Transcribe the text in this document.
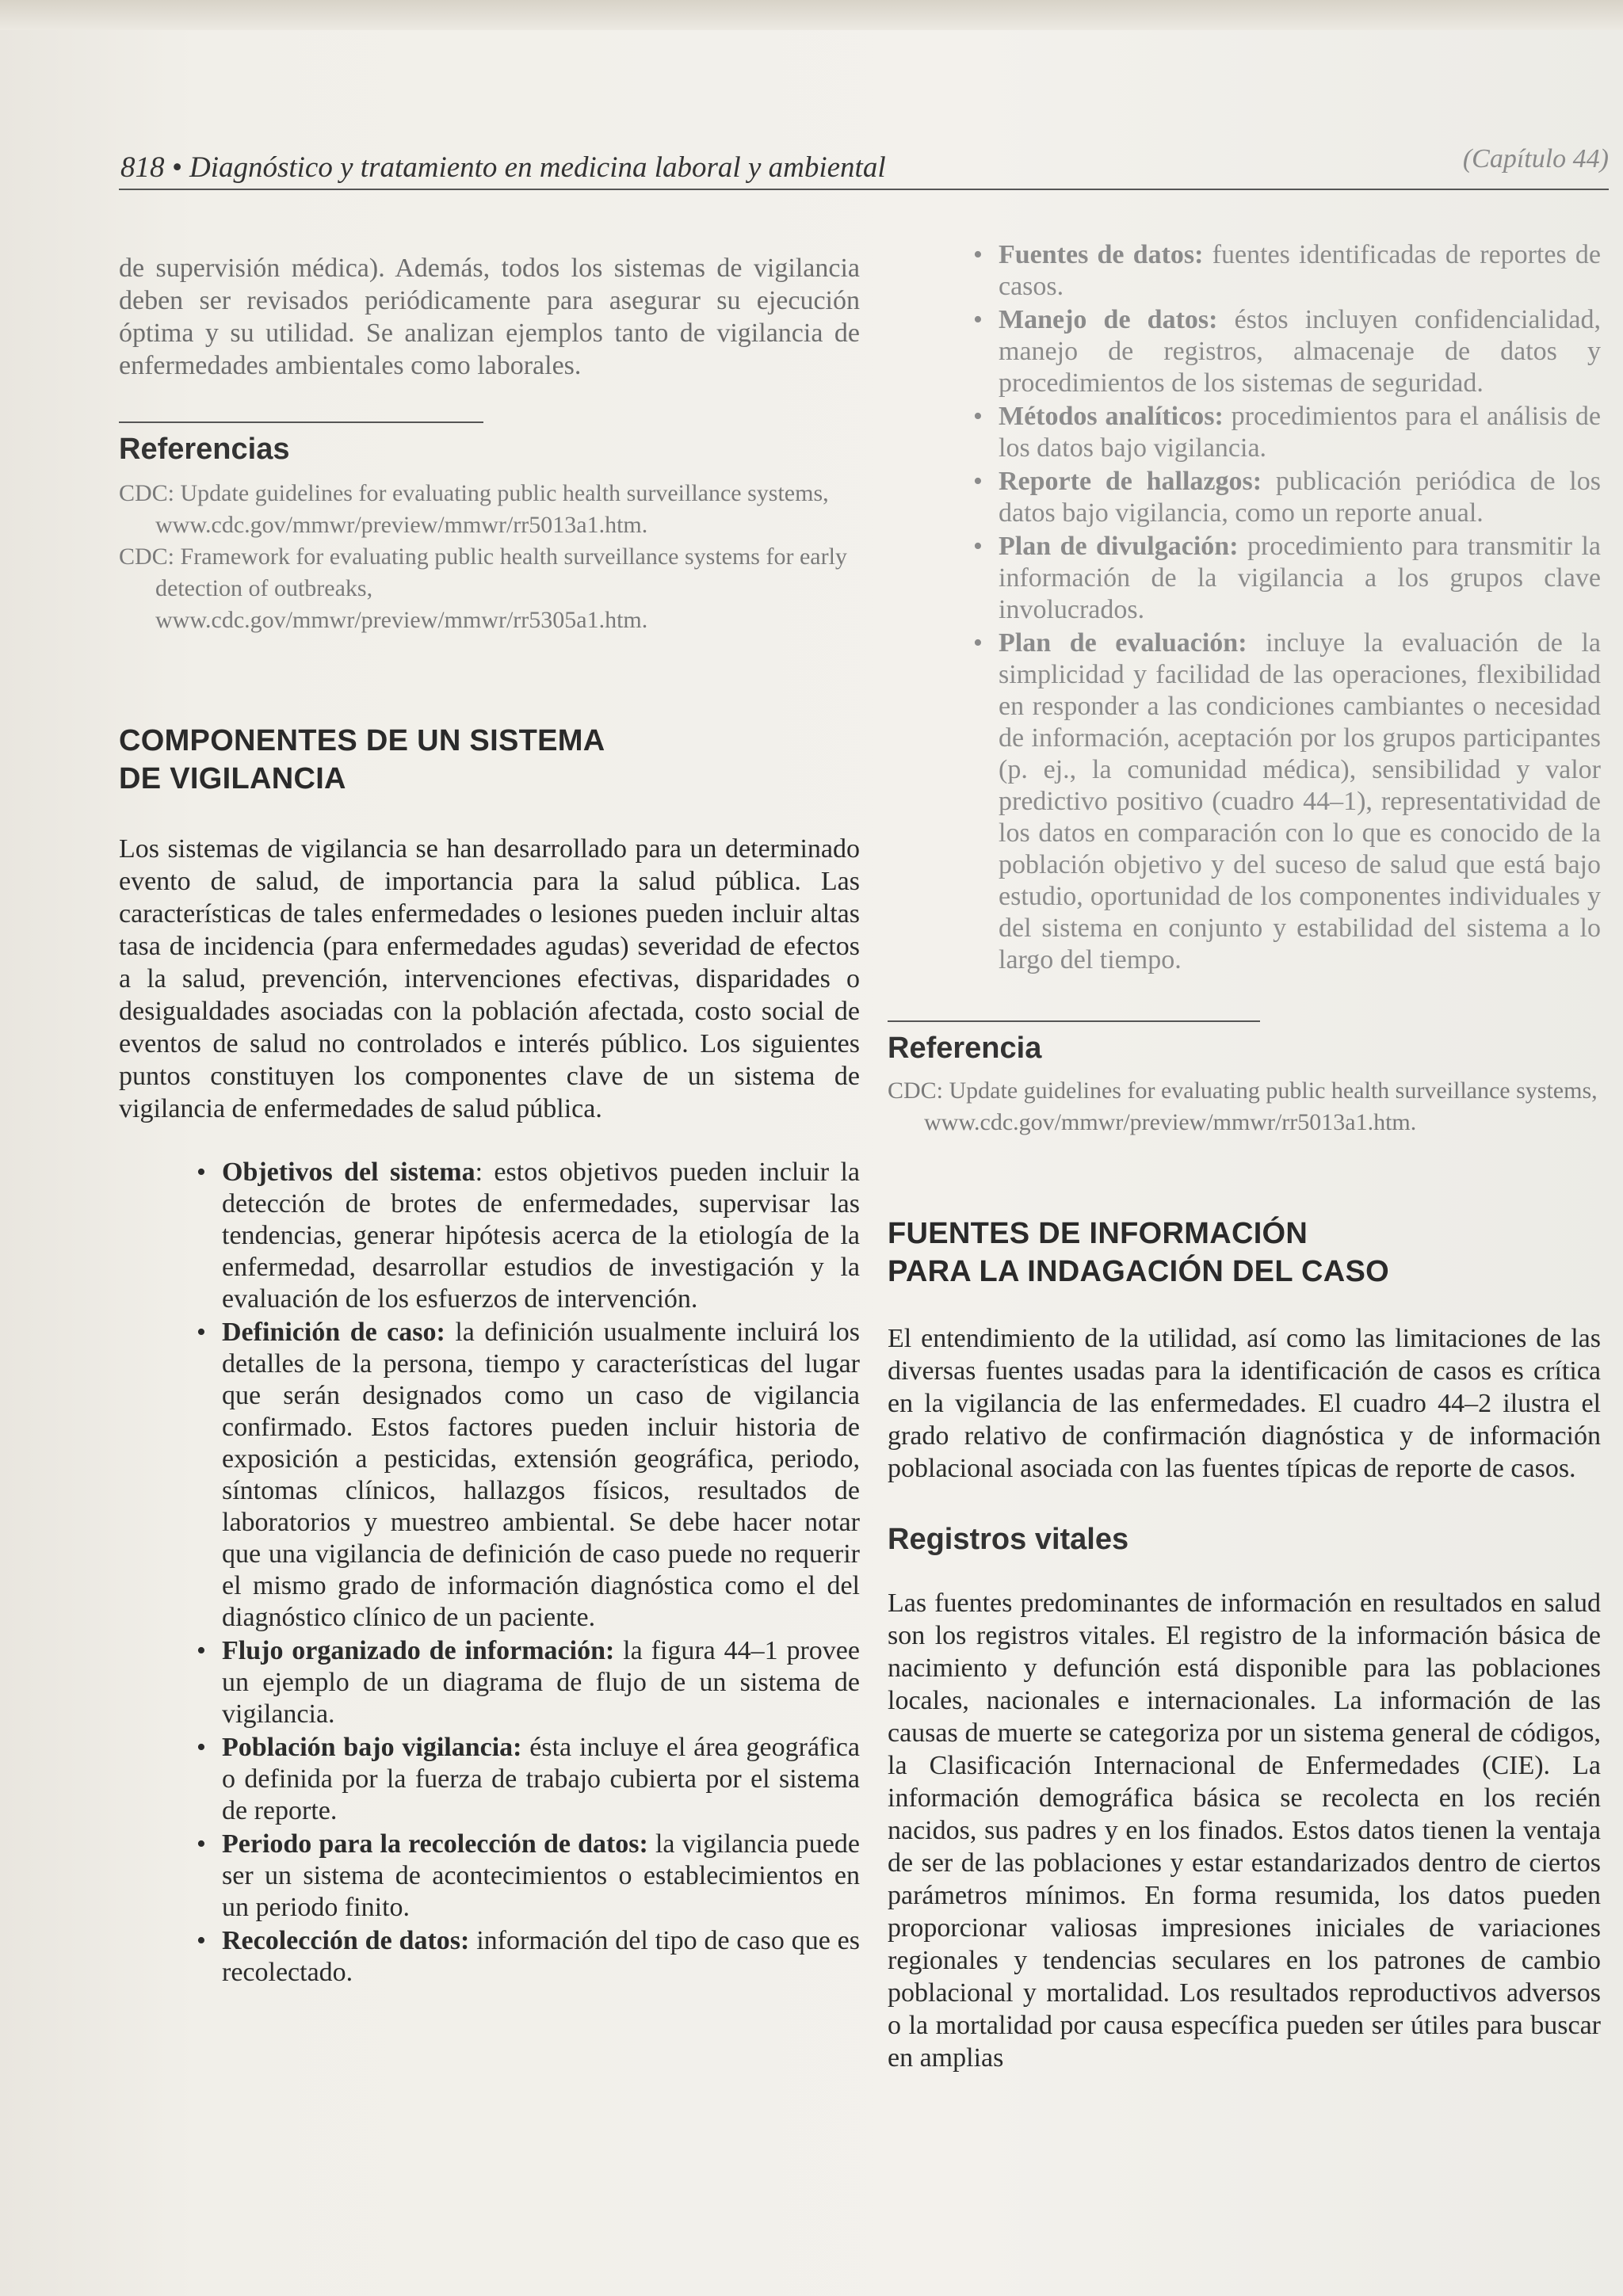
818 • Diagnóstico y tratamiento en medicina laboral y ambiental	(Capítulo 44)

de supervisión médica). Además, todos los sistemas de vigilancia deben ser revisados periódicamente para asegurar su ejecución óptima y su utilidad. Se analizan ejemplos tanto de vigilancia de enfermedades ambientales como laborales.

Referencias

CDC: Update guidelines for evaluating public health surveillance systems, www.cdc.gov/mmwr/preview/mmwr/rr5013a1.htm.

CDC: Framework for evaluating public health surveillance systems for early detection of outbreaks, www.cdc.gov/mmwr/preview/mmwr/rr5305a1.htm.

COMPONENTES DE UN SISTEMA
DE VIGILANCIA

Los sistemas de vigilancia se han desarrollado para un determinado evento de salud, de importancia para la salud pública. Las características de tales enfermedades o lesiones pueden incluir altas tasa de incidencia (para enfermedades agudas) severidad de efectos a la salud, prevención, intervenciones efectivas, disparidades o desigualdades asociadas con la población afectada, costo social de eventos de salud no controlados e interés público. Los siguientes puntos constituyen los componentes clave de un sistema de vigilancia de enfermedades de salud pública.

• Objetivos del sistema: estos objetivos pueden incluir la detección de brotes de enfermedades, supervisar las tendencias, generar hipótesis acerca de la etiología de la enfermedad, desarrollar estudios de investigación y la evaluación de los esfuerzos de intervención.
• Definición de caso: la definición usualmente incluirá los detalles de la persona, tiempo y características del lugar que serán designados como un caso de vigilancia confirmado. Estos factores pueden incluir historia de exposición a pesticidas, extensión geográfica, periodo, síntomas clínicos, hallazgos físicos, resultados de laboratorios y muestreo ambiental. Se debe hacer notar que una vigilancia de definición de caso puede no requerir el mismo grado de información diagnóstica como el del diagnóstico clínico de un paciente.
• Flujo organizado de información: la figura 44–1 provee un ejemplo de un diagrama de flujo de un sistema de vigilancia.
• Población bajo vigilancia: ésta incluye el área geográfica o definida por la fuerza de trabajo cubierta por el sistema de reporte.
• Periodo para la recolección de datos: la vigilancia puede ser un sistema de acontecimientos o establecimientos en un periodo finito.
• Recolección de datos: información del tipo de caso que es recolectado.
• Fuentes de datos: fuentes identificadas de reportes de casos.
• Manejo de datos: éstos incluyen confidencialidad, manejo de registros, almacenaje de datos y procedimientos de los sistemas de seguridad.
• Métodos analíticos: procedimientos para el análisis de los datos bajo vigilancia.
• Reporte de hallazgos: publicación periódica de los datos bajo vigilancia, como un reporte anual.
• Plan de divulgación: procedimiento para transmitir la información de la vigilancia a los grupos clave involucrados.
• Plan de evaluación: incluye la evaluación de la simplicidad y facilidad de las operaciones, flexibilidad en responder a las condiciones cambiantes o necesidad de información, aceptación por los grupos participantes (p. ej., la comunidad médica), sensibilidad y valor predictivo positivo (cuadro 44–1), representatividad de los datos en comparación con lo que es conocido de la población objetivo y del suceso de salud que está bajo estudio, oportunidad de los componentes individuales y del sistema en conjunto y estabilidad del sistema a lo largo del tiempo.
Referencia

CDC: Update guidelines for evaluating public health surveillance systems, www.cdc.gov/mmwr/preview/mmwr/rr5013a1.htm.

FUENTES DE INFORMACIÓN
PARA LA INDAGACIÓN DEL CASO

El entendimiento de la utilidad, así como las limitaciones de las diversas fuentes usadas para la identificación de casos es crítica en la vigilancia de las enfermedades. El cuadro 44–2 ilustra el grado relativo de confirmación diagnóstica y de información poblacional asociada con las fuentes típicas de reporte de casos.

Registros vitales

Las fuentes predominantes de información en resultados en salud son los registros vitales. El registro de la información básica de nacimiento y defunción está disponible para las poblaciones locales, nacionales e internacionales. La información de las causas de muerte se categoriza por un sistema general de códigos, la Clasificación Internacional de Enfermedades (CIE). La información demográfica básica se recolecta en los recién nacidos, sus padres y en los finados. Estos datos tienen la ventaja de ser de las poblaciones y estar estandarizados dentro de ciertos parámetros mínimos. En forma resumida, los datos pueden proporcionar valiosas impresiones iniciales de variaciones regionales y tendencias seculares en los patrones de cambio poblacional y mortalidad. Los resultados reproductivos adversos o la mortalidad por causa específica pueden ser útiles para buscar en amplias
